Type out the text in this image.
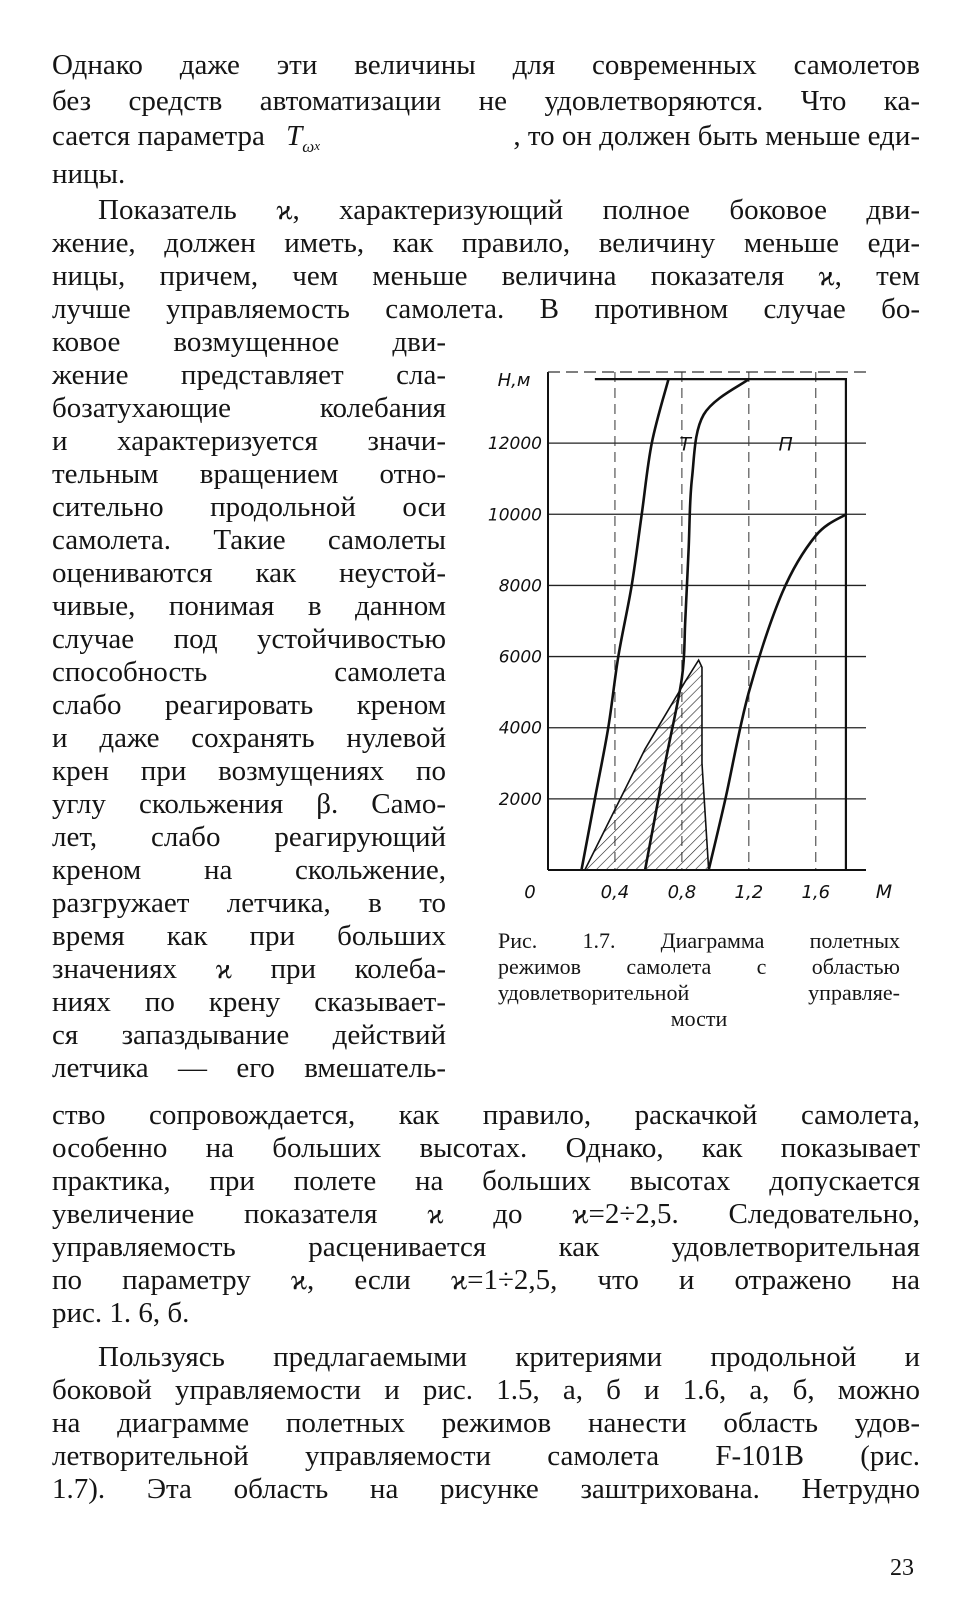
Однако даже эти величины для современных самолетов
без средств автоматизации не удовлетворяются. Что ка-
сается параметра $T_\omega x$	, то он должен быть меньше еди-
ницы.
Показатель ϰ, характеризующий полное боковое дви-
жение, должен иметь, как правило, величину меньше еди-
ницы, причем, чем меньше величина показателя ϰ, тем
лучше управляемость самолета. В противном случае бо-
ковое возмущенное дви-
жение представляет сла-
бозатухающие колебания
и характеризуется значи-
тельным вращением отно-
сительно продольной оси
самолета. Такие самолеты
оцениваются как неустой-
чивые, понимая в данном
случае под устойчивостью
способность самолета
слабо реагировать креном
и даже сохранять нулевой
крен при возмущениях по
углу скольжения β. Само-
лет, слабо реагирующий
креном на скольжение,
разгружает летчика, в то
время как при больших
значениях ϰ при колеба-
ниях по крену сказывает-
ся запаздывание действий
летчика — его вмешатель-
ство сопровождается, как правило, раскачкой самолета,
особенно на больших высотах. Однако, как показывает
практика, при полете на больших высотах допускается
увеличение показателя ϰ до ϰ=2÷2,5. Следовательно,
управляемость расценивается как удовлетворительная
по параметру ϰ, если ϰ=1÷2,5, что и отражено на
рис. 1. 6, б.
Пользуясь предлагаемыми критериями продольной и
боковой управляемости и рис. 1.5, а, б и 1.6, а, б, можно
на диаграмме полетных режимов нанести область удов-
летворительной управляемости самолета F-101B (рис.
1.7). Эта область на рисунке заштрихована. Нетрудно
2000
4000
6000
8000
10000
12000
0,4 0,8 1,2 1,6
0	М
Н,м
Т	П
Рис. 1.7. Диаграмма полетных
режимов самолета с областью
удовлетворительной управляе-
мости
23
